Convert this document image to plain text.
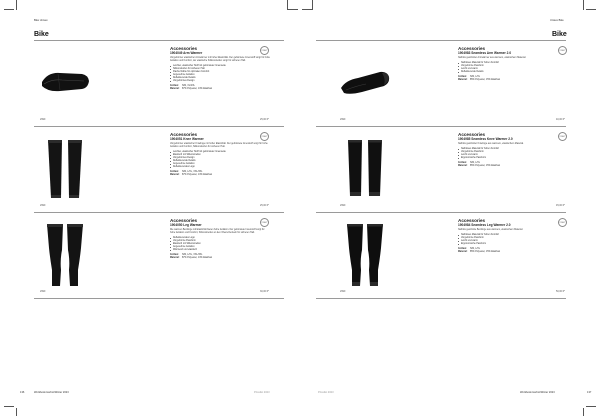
Bike Unisex
Bike
2999	25,00 €*
Accessories
1904049 Arm Warmer
Vorgeformter elastischer Armwärmer mit hoher Elastizität. Der gebürstete Innenstoff sorgt für hohe Isolation und Komfort, der elastische Silikonstreifen sorgt für sicheren Halt.
Leichter, elastischer Stoff mit gebürsteter Innenseite
Silikonstreifen für sicheren Halt
Flache Nähte für optimalen Komfort
Angenehme Isolation
Reflektierende Details
Vorgeformtes Design
Größen:	S/M, XL/2XL
Material:	87% Polyester, 13% Elasthan
CRAFT
2999	25,00 €*
Accessories
1904051 Knee Warmer
Vorgeformter elastischer Knielinge mit hoher Elastizität. Der gebürstete Innenstoff sorgt für hohe Isolation und Komfort, Silikonstreifen für sicheren Halt.
Leichter, elastischer Stoff mit gebürsteter Innenseite
Elastisch mit Silikonstreifen
Vorgeformtes Design
Reflektierende Details
Angenehme Isolation
Reflektierendes Logo
Größen:	S/M, L/XL, XXL/3XL
Material:	87% Polyester, 13% Elasthan
CRAFT
2999	30,00 €*
Accessories
1904050 Leg Warmer
Die warmen Beinlinge mit Elastizität bieten hohe Isolation. Der gebürstete Innenstoff sorgt für hohe Isolation und Komfort, Silikonstreifen an den Oberschenkeln für sicheren Halt.
Reflektierendes Logo
Vorgeformte Passform
Elastisch mit Silikonstreifen
Angenehme Isolation
Wärmend und elastisch
Größen:	S/M, L/XL, XXL/3XL
Material:	87% Polyester, 13% Elasthan
CRAFT
136	Workbook Herbst/Winter 2023	Pricelist 2023
Unisex Bike
Bike
2999	40,00 €*
Accessories
1904983 Seamless Arm Warmer 2.0
Nahtlos gestrickter Armwärmer aus warmem, elastischem Material.
Nahtloses Material für hohen Komfort
Vorgeformte Passform
Leicht und warm
Reflektierende Details
Größen:	S/M, L/XL
Material:	85% Polyester, 15% Elasthan
CRAFT
2999	45,00 €*
Accessories
1904985 Seamless Knee Warmer 2.0
Nahtlos gestrickter Knielinge aus warmem, elastischem Material.
Nahtloses Material für hohen Komfort
Vorgeformte Passform
Leicht und warm
Ergonomische Passform
Größen:	S/M, L/XL
Material:	85% Polyester, 15% Elasthan
CRAFT
2999	50,00 €*
Accessories
1904984 Seamless Leg Warmer 2.0
Nahtlos gestrickte Beinlinge aus warmem, elastischem Material.
Nahtloses Material für hohen Komfort
Vorgeformte Passform
Leicht und warm
Ergonomische Passform
Größen:	S/M, L/XL
Material:	85% Polyester, 15% Elasthan
CRAFT
Pricelist 2023	Workbook Herbst/Winter 2023	137
